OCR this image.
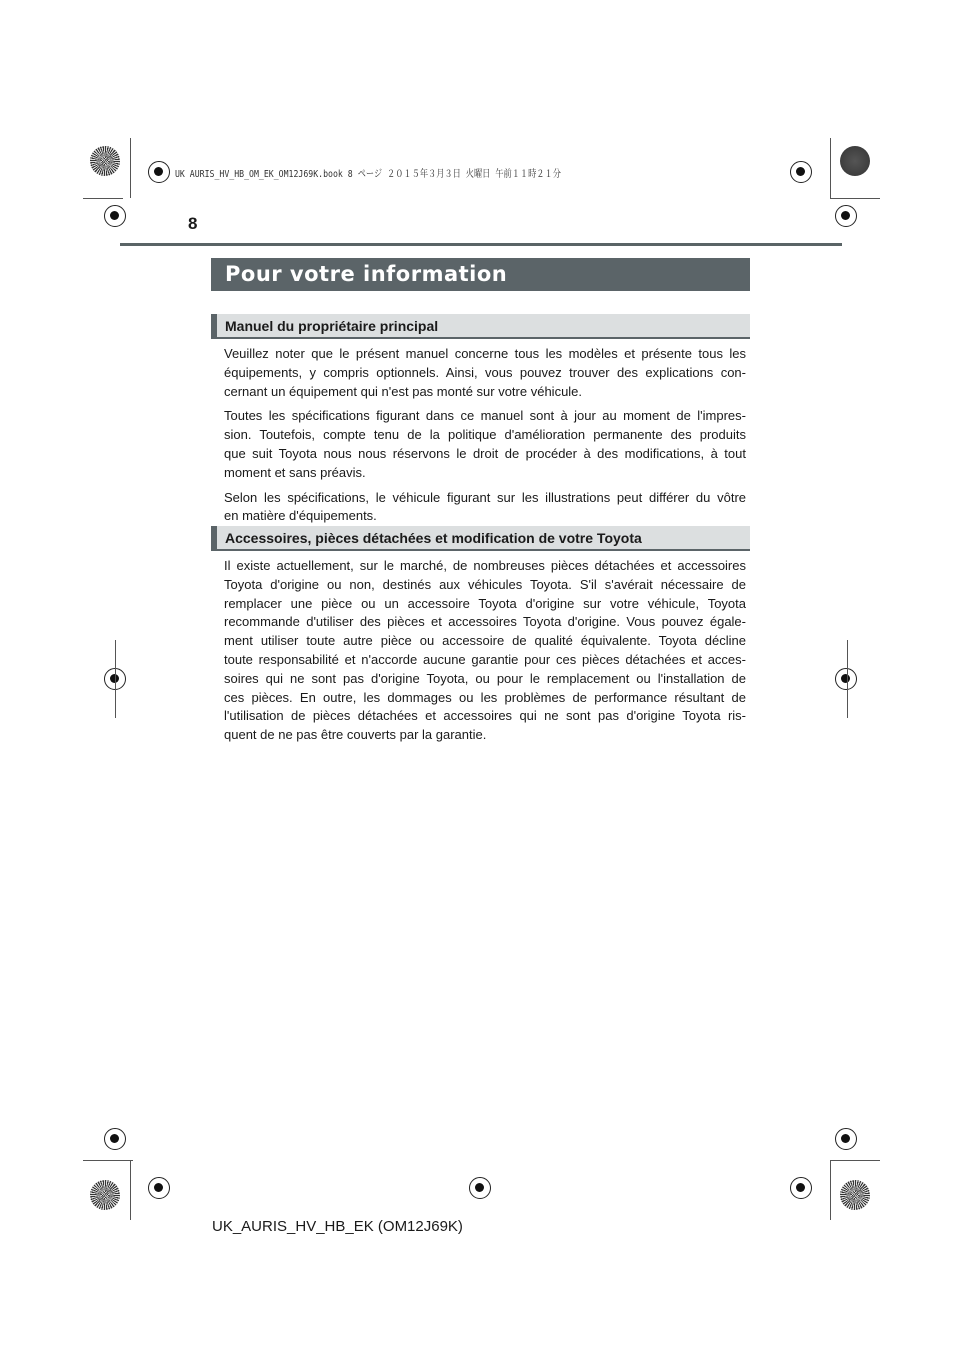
UK AURIS_HV_HB_OM_EK_OM12J69K.book 8 ページ ２０１５年３月３日 火曜日 午前１１時２１分
8
Pour votre information
Manuel du propriétaire principal
Veuillez noter que le présent manuel concerne tous les modèles et présente tous les
équipements, y compris optionnels. Ainsi, vous pouvez trouver des explications con-
cernant un équipement qui n'est pas monté sur votre véhicule.
Toutes les spécifications figurant dans ce manuel sont à jour au moment de l'impres-
sion. Toutefois, compte tenu de la politique d'amélioration permanente des produits
que suit Toyota nous nous réservons le droit de procéder à des modifications, à tout
moment et sans préavis.
Selon les spécifications, le véhicule figurant sur les illustrations peut différer du vôtre
en matière d'équipements.
Accessoires, pièces détachées et modification de votre Toyota
Il existe actuellement, sur le marché, de nombreuses pièces détachées et accessoires
Toyota d'origine ou non, destinés aux véhicules Toyota. S'il s'avérait nécessaire de
remplacer une pièce ou un accessoire Toyota d'origine sur votre véhicule, Toyota
recommande d'utiliser des pièces et accessoires Toyota d'origine. Vous pouvez égale-
ment utiliser toute autre pièce ou accessoire de qualité équivalente. Toyota décline
toute responsabilité et n'accorde aucune garantie pour ces pièces détachées et acces-
soires qui ne sont pas d'origine Toyota, ou pour le remplacement ou l'installation de
ces pièces. En outre, les dommages ou les problèmes de performance résultant de
l'utilisation de pièces détachées et accessoires qui ne sont pas d'origine Toyota ris-
quent de ne pas être couverts par la garantie.
UK_AURIS_HV_HB_EK (OM12J69K)
